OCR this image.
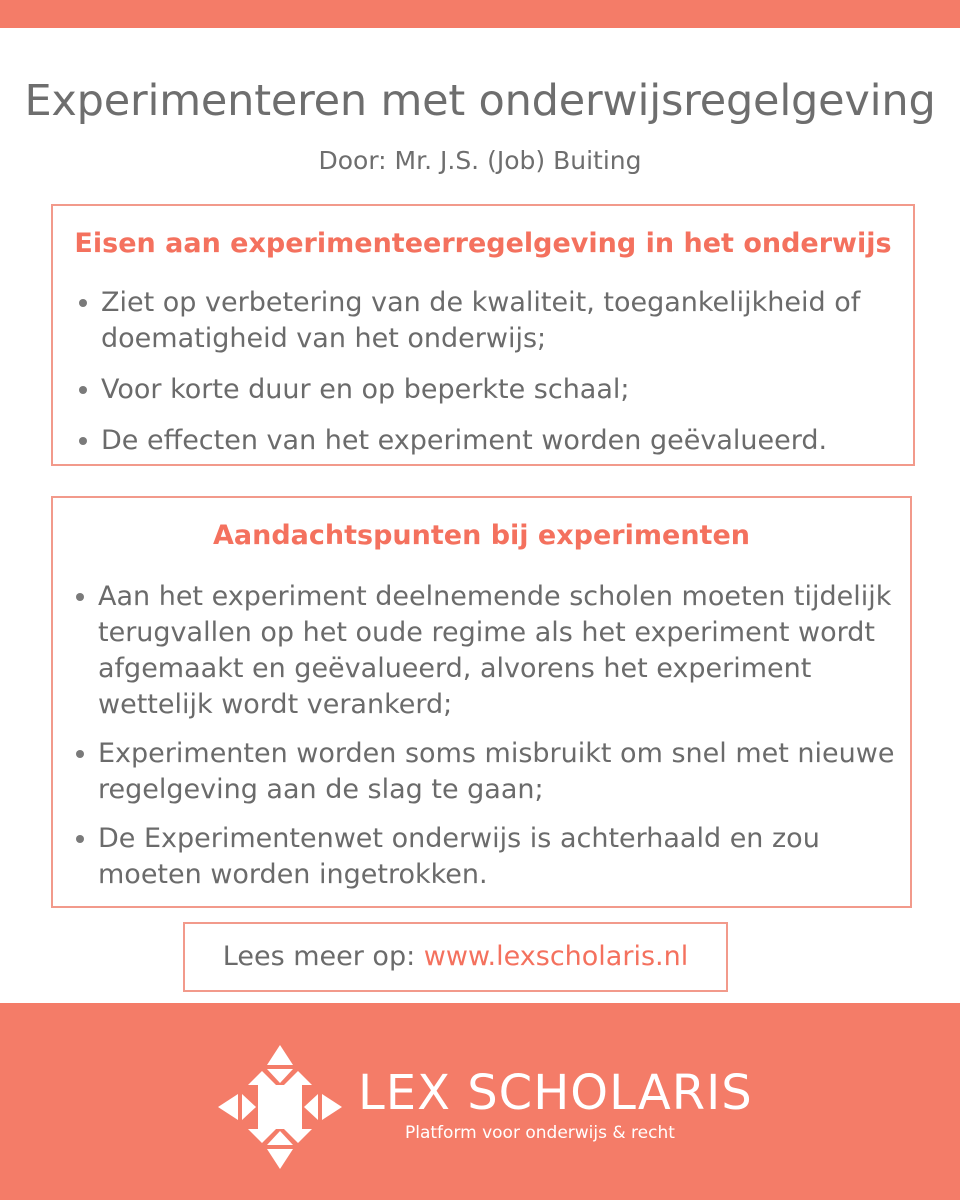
Experimenteren met onderwijsregelgeving
Door: Mr. J.S. (Job) Buiting
Eisen aan experimenteerregelgeving in het onderwijs
Ziet op verbetering van de kwaliteit, toegankelijkheid of doematigheid van het onderwijs;
Voor korte duur en op beperkte schaal;
De effecten van het experiment worden geëvalueerd.
Aandachtspunten bij experimenten
Aan het experiment deelnemende scholen moeten tijdelijk terugvallen op het oude regime als het experiment wordt afgemaakt en geëvalueerd, alvorens het experiment wettelijk wordt verankerd;
Experimenten worden soms misbruikt om snel met nieuwe regelgeving aan de slag te gaan;
De Experimentenwet onderwijs is achterhaald en zou moeten worden ingetrokken.
Lees meer op: www.lexscholaris.nl
LEX SCHOLARIS
Platform voor onderwijs & recht
